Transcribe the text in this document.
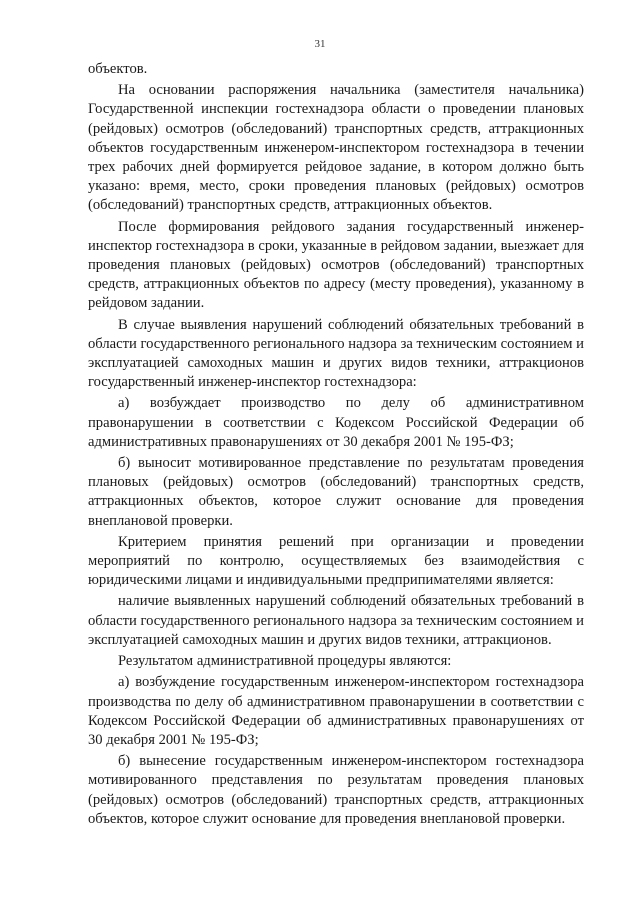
31

объектов.

На основании распоряжения начальника (заместителя начальника) Государственной инспекции гостехнадзора области о проведении плановых (рейдовых) осмотров (обследований) транспортных средств, аттракционных объектов государственным инженером-инспектором гостехнадзора в течении трех рабочих дней формируется рейдовое задание, в котором должно быть указано: время, место, сроки проведения плановых (рейдовых) осмотров (обследований) транспортных средств, аттракционных объектов.

После формирования рейдового задания государственный инженер-инспектор гостехнадзора в сроки, указанные в рейдовом задании, выезжает для проведения плановых (рейдовых) осмотров (обследований) транспортных средств, аттракционных объектов по адресу (месту проведения), указанному в рейдовом задании.

В случае выявления нарушений соблюдений обязательных требований в области государственного регионального надзора за техническим состоянием и эксплуатацией самоходных машин и других видов техники, аттракционов государственный инженер-инспектор гостехнадзора:

а) возбуждает производство по делу об административном правонарушении в соответствии с Кодексом Российской Федерации об административных правонарушениях от 30 декабря 2001 № 195-ФЗ;

б) выносит мотивированное представление по результатам проведения плановых (рейдовых) осмотров (обследований) транспортных средств, аттракционных объектов, которое служит основание для проведения внеплановой проверки.

Критерием принятия решений при организации и проведении мероприятий по контролю, осуществляемых без взаимодействия с юридическими лицами и индивидуальными предприпимателями является:

наличие выявленных нарушений соблюдений обязательных требований в области государственного регионального надзора за техническим состоянием и эксплуатацией самоходных машин и других видов техники, аттракционов.

Результатом административной процедуры являются:

а) возбуждение государственным инженером-инспектором гостехнадзора производства по делу об административном правонарушении в соответствии с Кодексом Российской Федерации об административных правонарушениях от 30 декабря 2001 № 195-ФЗ;

б) вынесение государственным инженером-инспектором гостехнадзора мотивированного представления по результатам проведения плановых (рейдовых) осмотров (обследований) транспортных средств, аттракционных объектов, которое служит основание для проведения внеплановой проверки.
